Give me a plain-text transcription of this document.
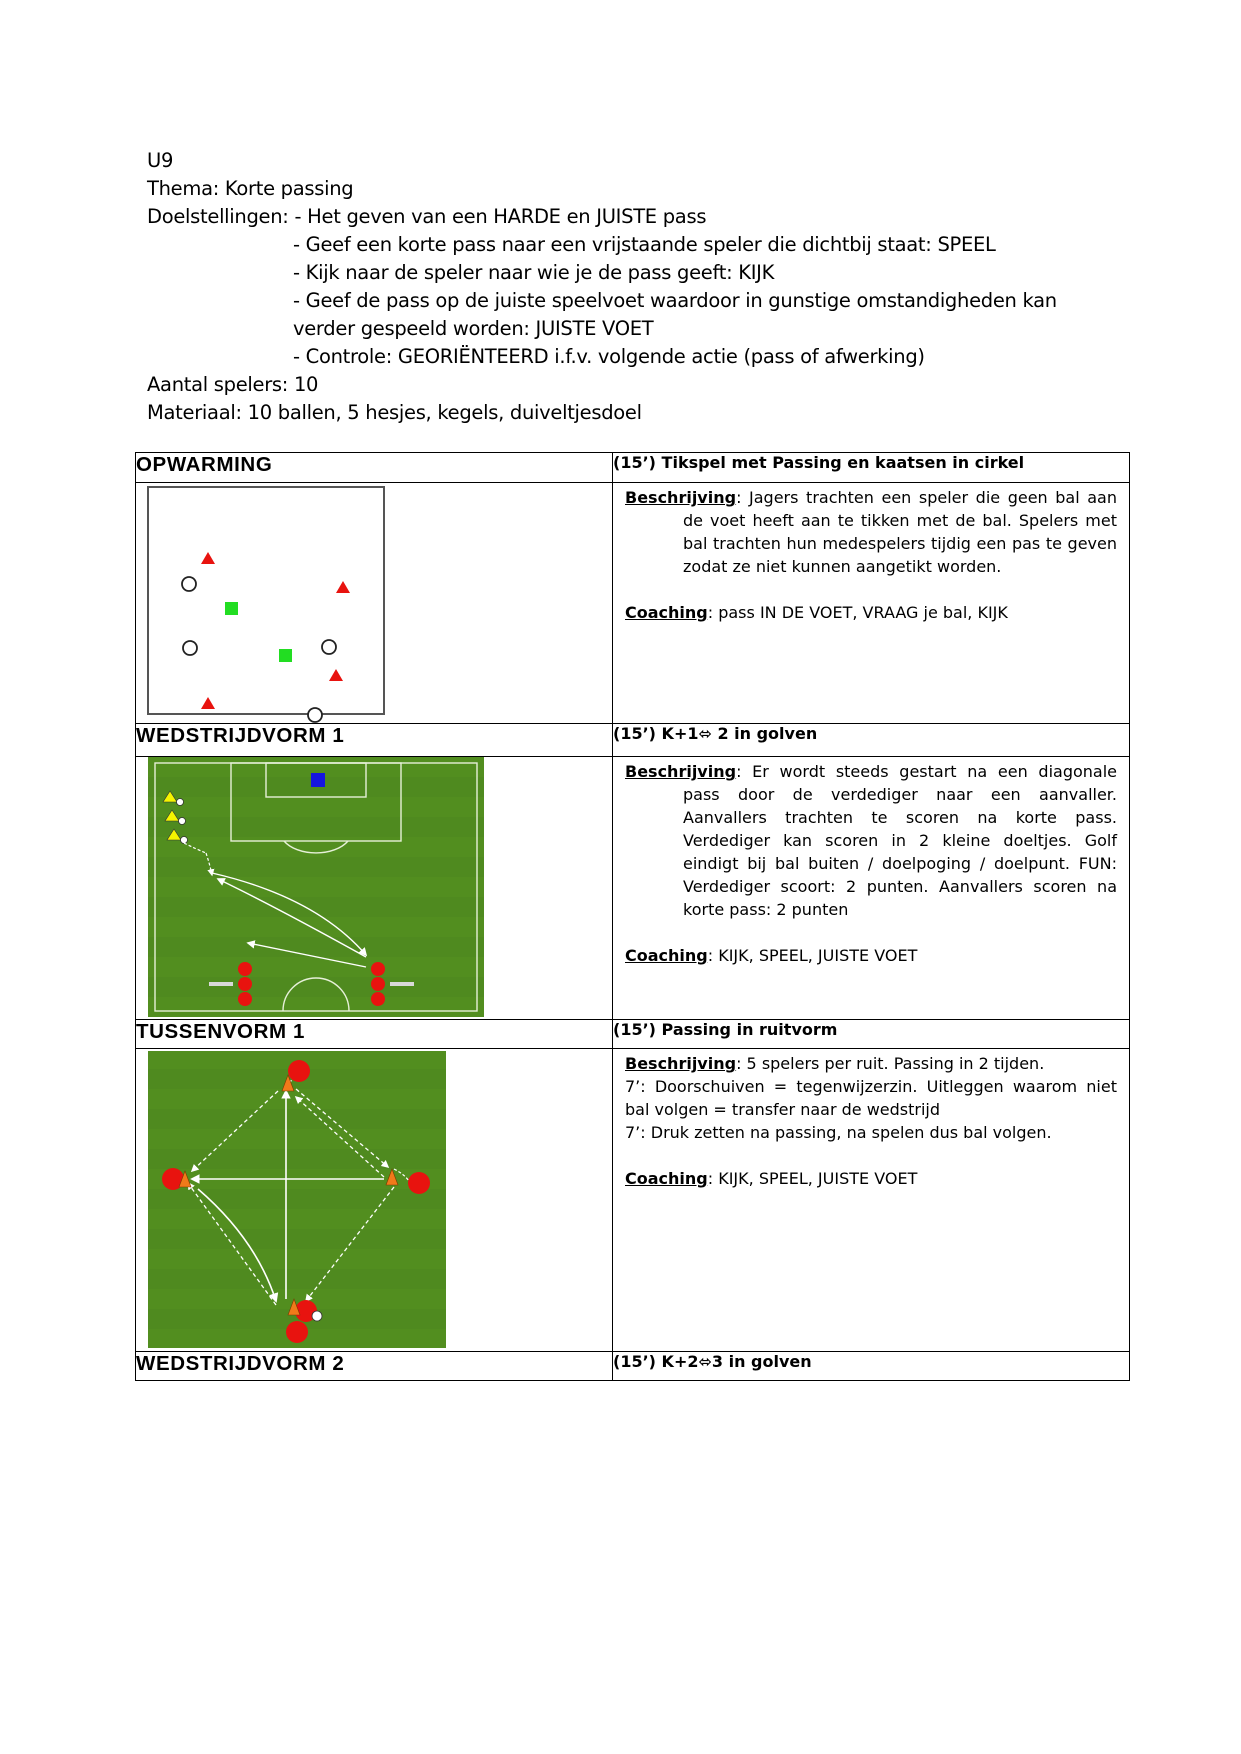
U9
Thema: Korte passing
Doelstellingen: - Het geven van een HARDE en JUISTE pass
- Geef een korte pass naar een vrijstaande speler die dichtbij staat: SPEEL
- Kijk naar de speler naar wie je de pass geeft: KIJK
- Geef de pass op de juiste speelvoet waardoor in gunstige omstandigheden kan
verder gespeeld worden: JUISTE VOET
- Controle: GEORIËNTEERD i.f.v. volgende actie (pass of afwerking)
Aantal spelers: 10
Materiaal: 10 ballen, 5 hesjes, kegels, duiveltjesdoel
OPWARMING	(15’) Tikspel met Passing en kaatsen in cirkel

Beschrijving: Jagers trachten een speler die geen bal aan de voet heeft aan te tikken met de bal. Spelers met bal trachten hun medespelers tijdig een pas te geven zodat ze niet kunnen aangetikt worden.

Coaching: pass IN DE VOET, VRAAG je bal, KIJK

WEDSTRIJDVORM 1	(15’) K+1⬄ 2 in golven

Beschrijving: Er wordt steeds gestart na een diagonale pass door de verdediger naar een aanvaller. Aanvallers trachten te scoren na korte pass. Verdediger kan scoren in 2 kleine doeltjes. Golf eindigt bij bal buiten / doelpoging / doelpunt. FUN: Verdediger scoort: 2 punten. Aanvallers scoren na korte pass: 2 punten

Coaching: KIJK, SPEEL, JUISTE VOET

TUSSENVORM 1	(15’) Passing in ruitvorm

Beschrijving: 5 spelers per ruit. Passing in 2 tijden.

7’: Doorschuiven = tegenwijzerzin. Uitleggen waarom niet bal volgen = transfer naar de wedstrijd

7’: Druk zetten na passing, na spelen dus bal volgen.

Coaching: KIJK, SPEEL, JUISTE VOET

WEDSTRIJDVORM 2	(15’) K+2⬄3 in golven
